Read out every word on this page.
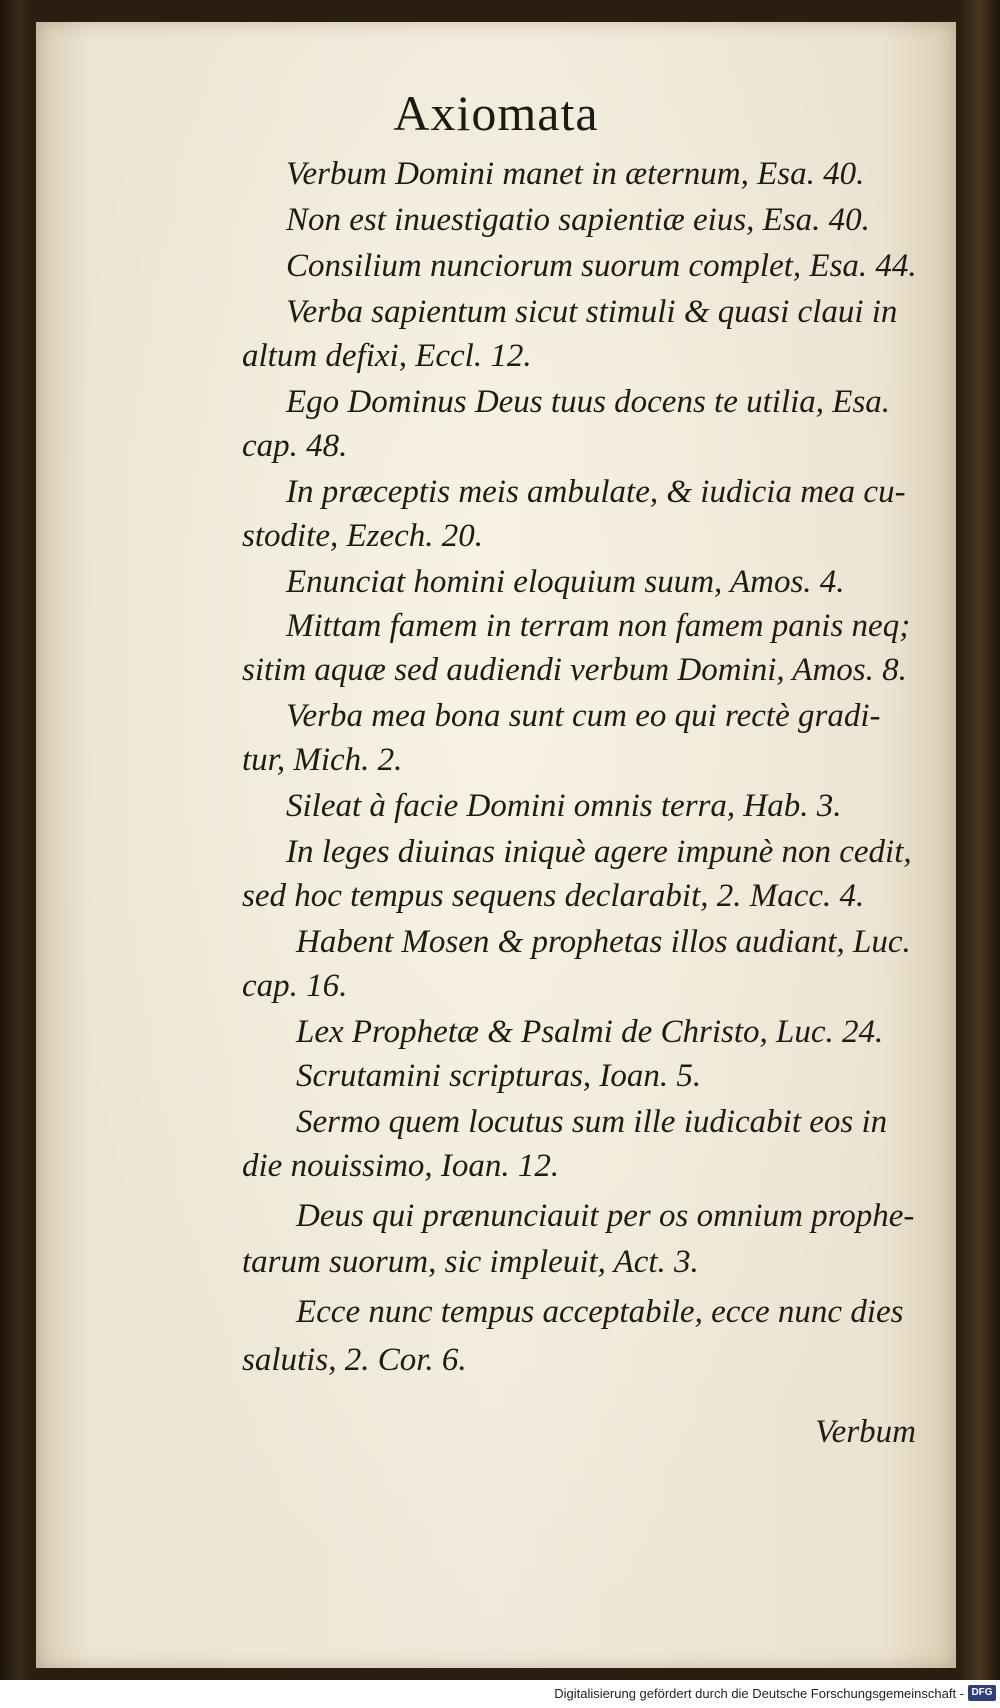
Axiomata
Verbum Domini manet in æternum, Esa. 40.
Non est inuestigatio sapientiæ eius, Esa. 40.
Consilium nunciorum suorum complet, Esa. 44.
Verba sapientum sicut stimuli & quasi claui in
altum defixi, Eccl. 12.
Ego Dominus Deus tuus docens te utilia, Esa.
cap. 48.
In præceptis meis ambulate, & iudicia mea cu-
stodite, Ezech. 20.
Enunciat homini eloquium suum, Amos. 4.
Mittam famem in terram non famem panis neq;
sitim aquæ sed audiendi verbum Domini, Amos. 8.
Verba mea bona sunt cum eo qui rectè gradi-
tur, Mich. 2.
Sileat à facie Domini omnis terra, Hab. 3.
In leges diuinas iniquè agere impunè non cedit,
sed hoc tempus sequens declarabit, 2. Macc. 4.
Habent Mosen & prophetas illos audiant, Luc.
cap. 16.
Lex Prophetæ & Psalmi de Christo, Luc. 24.
Scrutamini scripturas, Ioan. 5.
Sermo quem locutus sum ille iudicabit eos in
die nouissimo, Ioan. 12.
Deus qui prænunciauit per os omnium prophe-
tarum suorum, sic impleuit, Act. 3.
Ecce nunc tempus acceptabile, ecce nunc dies
salutis, 2. Cor. 6.
Verbum
Digitalisierung gefördert durch die Deutsche Forschungsgemeinschaft - DFG
